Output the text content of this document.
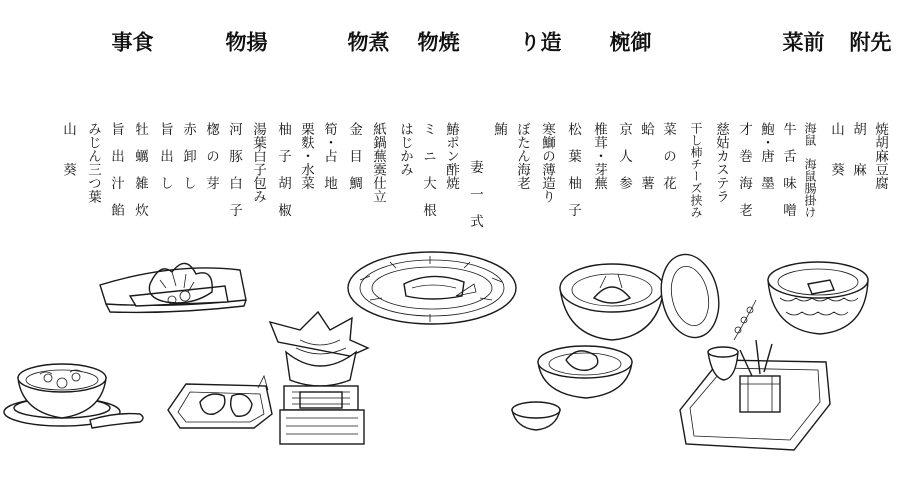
先附
前菜
御椀
造り
焼物
煮物
揚物
食事
焼胡麻豆腐
胡　　麻
山　　葵
海鼠　海鼠腸掛け
牛　舌　味　噌
鮑・唐　墨
才　巻　海　老
慈姑カステラ
干し柿チーズ挟み
菜　の　花
蛤　　　薯
京　人　参
椎茸・芽蕪
松　葉　柚　子
寒鰤の薄造り
ぼたん海老
鮪
妻　一　式
鰆ポン酢焼
ミ　ニ　大　根
はじかみ
紙鍋蕪霙仕立
金　目　鯛
筍・占　地
栗麩・水菜
柚　子　胡　椒
湯葉白子包み
河　豚　白　子
楤　の　芽
赤　卸　し
旨　出　し
牡　蠣　雑　炊
旨　出　汁　餡
みじん三つ葉
山　　葵
